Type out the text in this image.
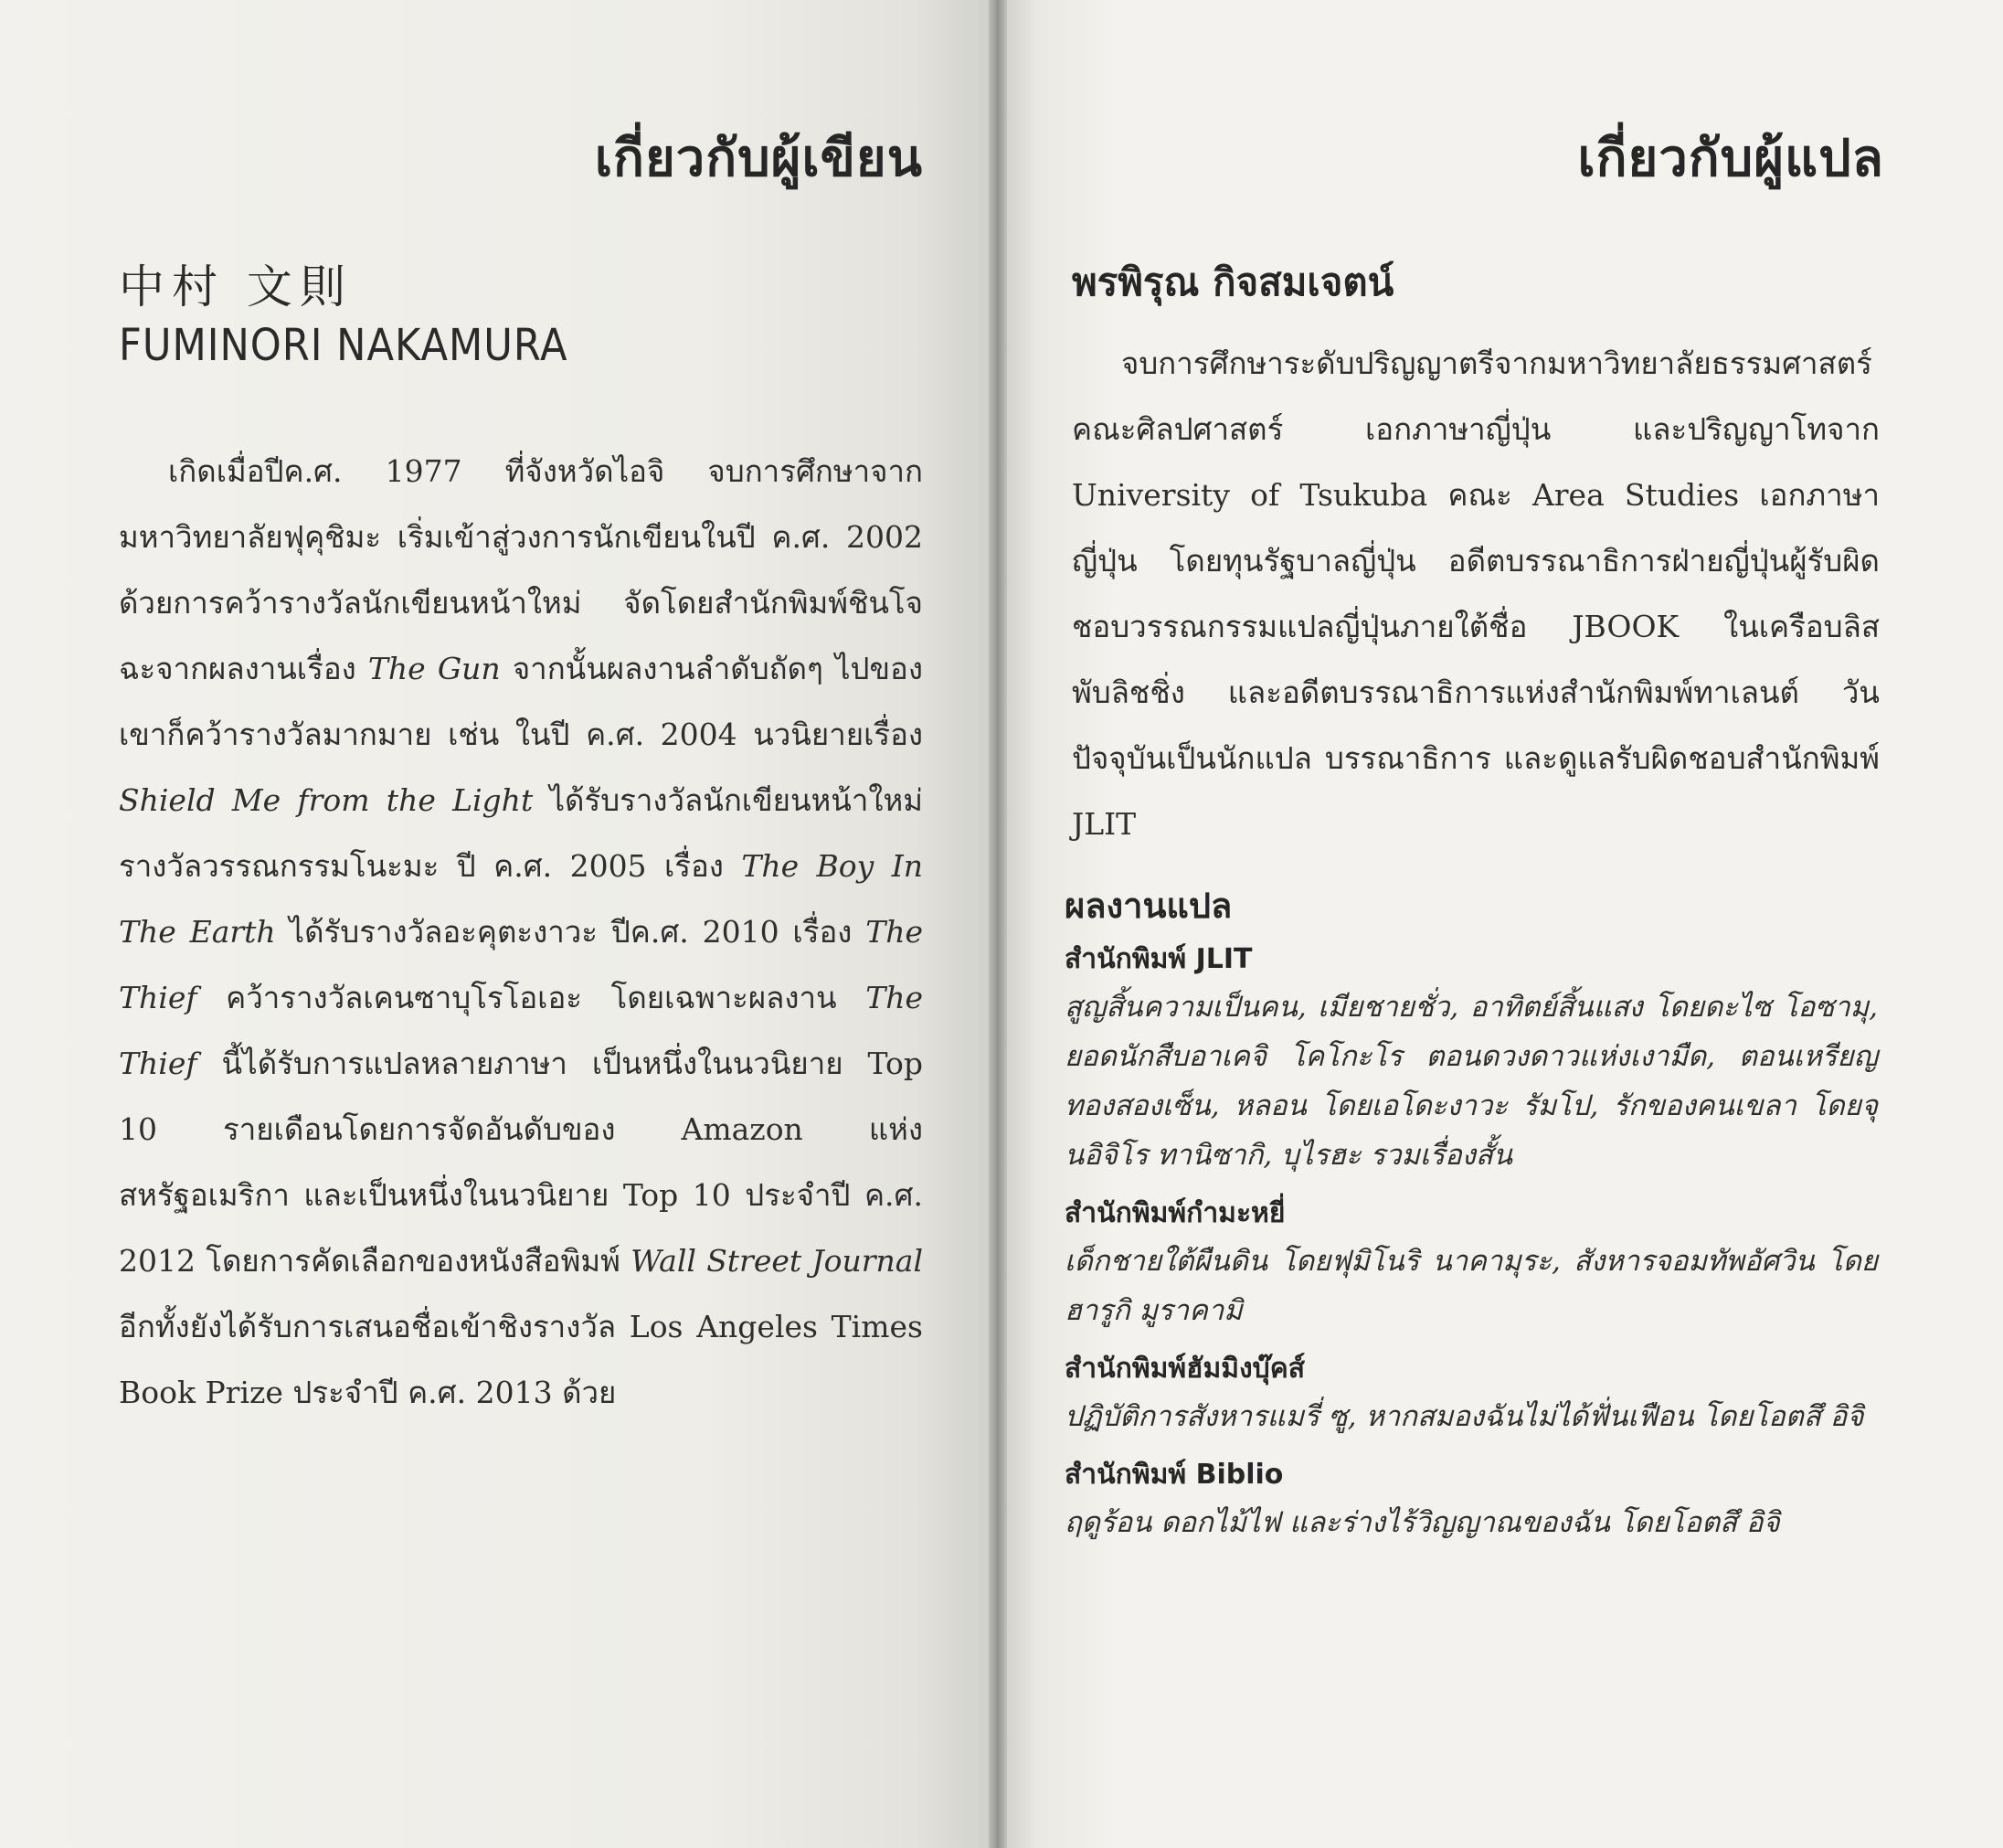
เกี่ยวกับผู้เขียน
中村 文則
FUMINORI NAKAMURA
เกิดเมื่อปีค.ศ. 1977 ที่จังหวัดไอจิ จบการศึกษาจากมหาวิทยาลัยฟุคุชิมะ เริ่มเข้าสู่วงการนักเขียนในปี ค.ศ. 2002 ด้วยการคว้ารางวัลนักเขียนหน้าใหม่ จัดโดยสำนักพิมพ์ชินโจฉะจากผลงานเรื่อง The Gun จากนั้นผลงานลำดับถัดๆ ไปของเขาก็คว้ารางวัลมากมาย เช่น ในปี ค.ศ. 2004 นวนิยายเรื่อง Shield Me from the Light ได้รับรางวัลนักเขียนหน้าใหม่รางวัลวรรณกรรมโนะมะ ปี ค.ศ. 2005 เรื่อง The Boy In The Earth ได้รับรางวัลอะคุตะงาวะ ปีค.ศ. 2010 เรื่อง The Thief คว้ารางวัลเคนซาบุโรโอเอะ โดยเฉพาะผลงาน The Thief นี้ได้รับการแปลหลายภาษา เป็นหนึ่งในนวนิยาย Top 10 รายเดือนโดยการจัดอันดับของ Amazon แห่งสหรัฐอเมริกา และเป็นหนึ่งในนวนิยาย Top 10 ประจำปี ค.ศ. 2012 โดยการคัดเลือกของหนังสือพิมพ์ Wall Street Journal อีกทั้งยังได้รับการเสนอชื่อเข้าชิงรางวัล Los Angeles Times Book Prize ประจำปี ค.ศ. 2013 ด้วย
เกี่ยวกับผู้แปล
พรพิรุณ กิจสมเจตน์
จบการศึกษาระดับปริญญาตรีจากมหาวิทยาลัยธรรมศาสตร์ คณะศิลปศาสตร์ เอกภาษาญี่ปุ่น และปริญญาโทจาก University of Tsukuba คณะ Area Studies เอกภาษาญี่ปุ่น โดยทุนรัฐบาลญี่ปุ่น อดีตบรรณาธิการฝ่ายญี่ปุ่นผู้รับผิดชอบวรรณกรรมแปลญี่ปุ่นภายใต้ชื่อ JBOOK ในเครือบลิส พับลิชชิ่ง และอดีตบรรณาธิการแห่งสำนักพิมพ์ทาเลนต์ วัน ปัจจุบันเป็นนักแปล บรรณาธิการ และดูแลรับผิดชอบสำนักพิมพ์ JLIT
ผลงานแปล
สำนักพิมพ์ JLIT
สูญสิ้นความเป็นคน, เมียชายชั่ว, อาทิตย์สิ้นแสง โดยดะไซ โอซามุ, ยอดนักสืบอาเคจิ โคโกะโร ตอนดวงดาวแห่งเงามืด, ตอนเหรียญทองสองเซ็น, หลอน โดยเอโดะงาวะ รัมโป, รักของคนเขลา โดยจุนอิจิโร ทานิซากิ, บุไรฮะ รวมเรื่องสั้น
สำนักพิมพ์กำมะหยี่
เด็กชายใต้ผืนดิน โดยฟุมิโนริ นาคามุระ, สังหารจอมทัพอัศวิน โดยฮารูกิ มูราคามิ
สำนักพิมพ์ฮัมมิงบุ๊คส์
ปฏิบัติการสังหารแมรี่ ซู, หากสมองฉันไม่ได้ฟั่นเฟือน โดยโอตสึ อิจิ
สำนักพิมพ์ Biblio
ฤดูร้อน ดอกไม้ไฟ และร่างไร้วิญญาณของฉัน โดยโอตสึ อิจิ
